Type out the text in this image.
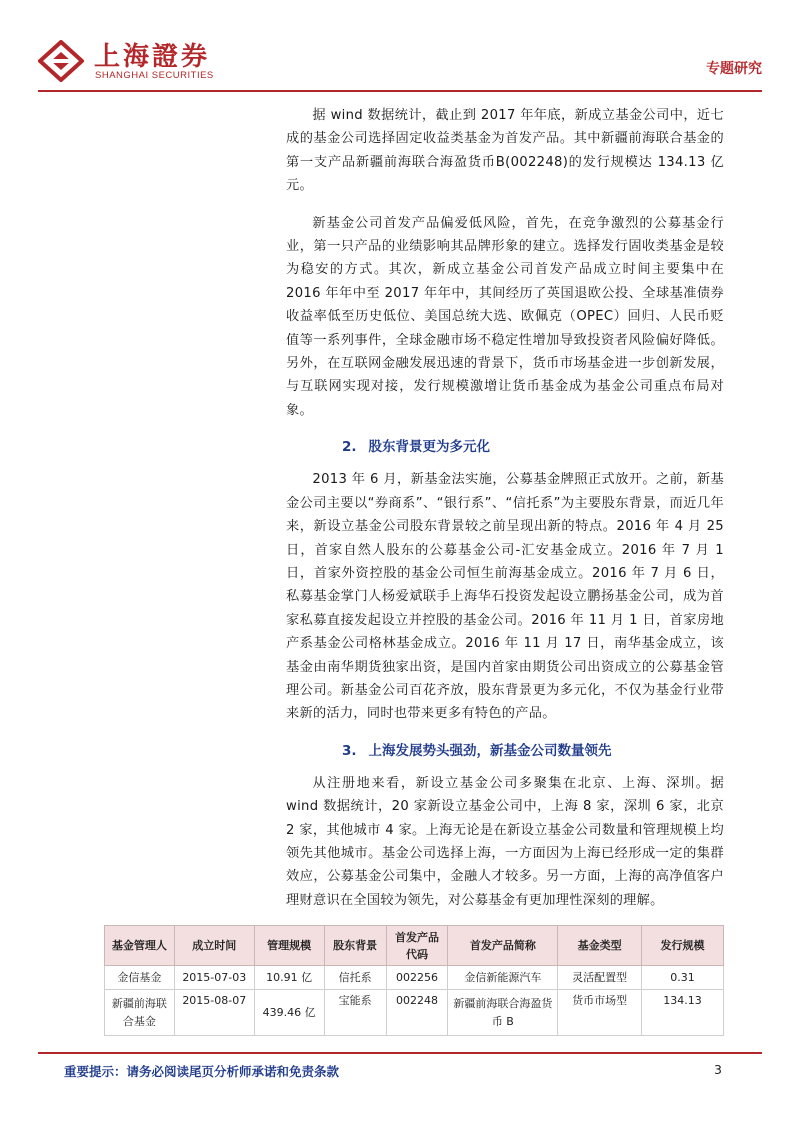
上海證券
SHANGHAI SECURITIES	专题研究

据 wind 数据统计，截止到 2017 年年底，新成立基金公司中，近七成的基金公司选择固定收益类基金为首发产品。其中新疆前海联合基金的第一支产品新疆前海联合海盈货币B(002248)的发行规模达 134.13 亿元。

新基金公司首发产品偏爱低风险，首先，在竞争激烈的公募基金行业，第一只产品的业绩影响其品牌形象的建立。选择发行固收类基金是较为稳安的方式。其次，新成立基金公司首发产品成立时间主要集中在 2016 年年中至 2017 年年中，其间经历了英国退欧公投、全球基准债券收益率低至历史低位、美国总统大选、欧佩克（OPEC）回归、人民币贬值等一系列事件，全球金融市场不稳定性增加导致投资者风险偏好降低。另外，在互联网金融发展迅速的背景下，货币市场基金进一步创新发展，与互联网实现对接，发行规模激增让货币基金成为基金公司重点布局对象。

2. 股东背景更为多元化

2013 年 6 月，新基金法实施，公募基金牌照正式放开。之前，新基金公司主要以“券商系”、“银行系”、“信托系”为主要股东背景，而近几年来，新设立基金公司股东背景较之前呈现出新的特点。2016 年 4 月 25 日，首家自然人股东的公募基金公司-汇安基金成立。2016 年 7 月 1 日，首家外资控股的基金公司恒生前海基金成立。2016 年 7 月 6 日，私募基金掌门人杨爱斌联手上海华石投资发起设立鹏扬基金公司，成为首家私募直接发起设立并控股的基金公司。2016 年 11 月 1 日，首家房地产系基金公司格林基金成立。2016 年 11 月 17 日，南华基金成立，该基金由南华期货独家出资，是国内首家由期货公司出资成立的公募基金管理公司。新基金公司百花齐放，股东背景更为多元化，不仅为基金行业带来新的活力，同时也带来更多有特色的产品。

3. 上海发展势头强劲，新基金公司数量领先

从注册地来看，新设立基金公司多聚集在北京、上海、深圳。据 wind 数据统计，20 家新设立基金公司中，上海 8 家，深圳 6 家，北京 2 家，其他城市 4 家。上海无论是在新设立基金公司数量和管理规模上均领先其他城市。基金公司选择上海，一方面因为上海已经形成一定的集群效应，公募基金公司集中，金融人才较多。另一方面，上海的高净值客户理财意识在全国较为领先，对公募基金有更加理性深刻的理解。

基金管理人	成立时间	管理规模	股东背景	首发产品代码	首发产品简称	基金类型	发行规模
金信基金	2015-07-03	10.91 亿	信托系	002256	金信新能源汽车	灵活配置型	0.31
新疆前海联合基金	2015-08-07	439.46 亿	宝能系	002248	新疆前海联合海盈货币 B	货币市场型	134.13
重要提示：请务必阅读尾页分析师承诺和免责条款	3
